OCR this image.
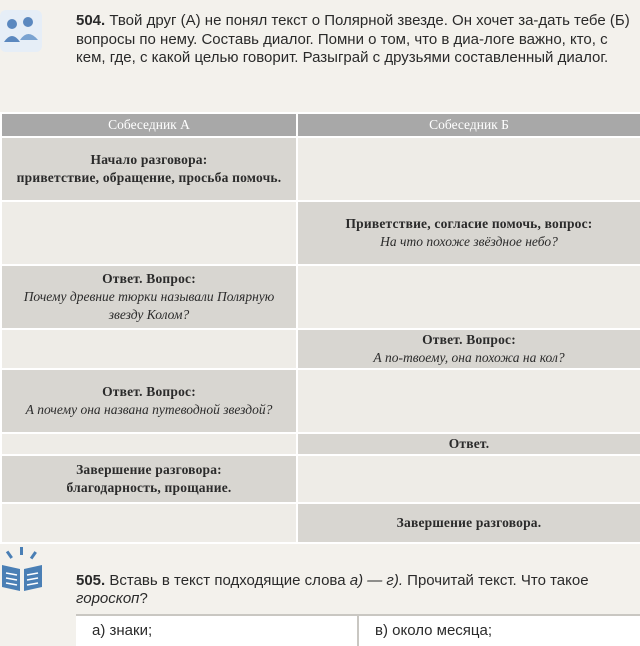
504. Твой друг (А) не понял текст о Полярной звезде. Он хочет за-дать тебе (Б) вопросы по нему. Составь диалог. Помни о том, что в диа-логе важно, кто, с кем, где, с какой целью говорит. Разыграй с друзьями составленный диалог.
Собеседник А	Собеседник Б

Начало разговора:
приветствие, обращение, просьба помочь.	

	Приветствие, согласие помочь, вопрос:
На что похоже звёздное небо?

Ответ. Вопрос:
Почему древние тюрки называли Полярную звезду Колом?	

	Ответ. Вопрос:
А по-твоему, она похожа на кол?

Ответ. Вопрос:
А почему она названа путеводной звездой?	

	Ответ.

Завершение разговора:
благодарность, прощание.	

	Завершение разговора.
505. Вставь в текст подходящие слова а) — г). Прочитай текст. Что такое гороскоп?
а) знаки;	в) около месяца;
